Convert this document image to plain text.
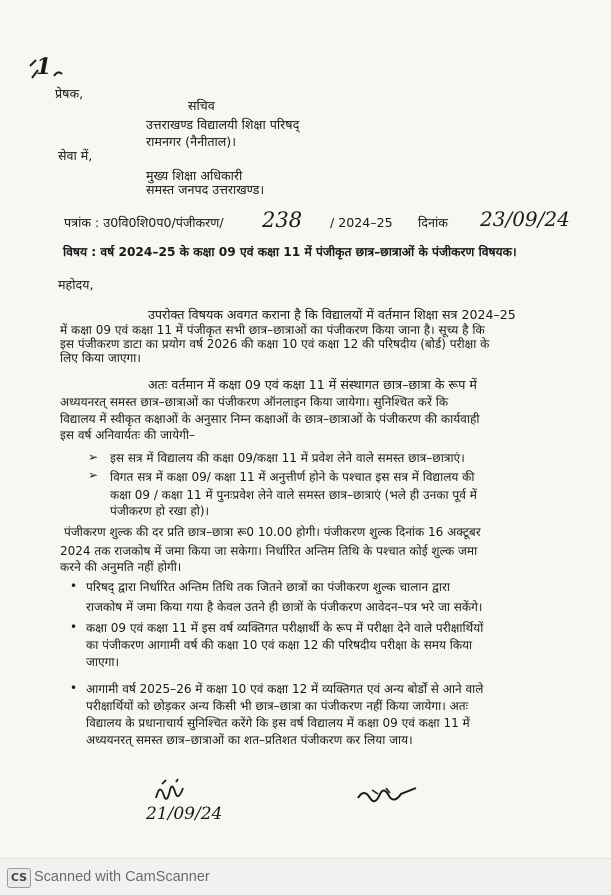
1
प्रेषक,
सचिव
उत्तराखण्ड विद्यालयी शिक्षा परिषद्
रामनगर (नैनीताल)।
सेवा में,
मुख्य शिक्षा अधिकारी
समस्त जनपद उत्तराखण्ड।
पत्रांक : उ0वि0शि0प0/पंजीकरण/ 238 / 2024–25 दिनांक 23/09/24
विषय : वर्ष 2024–25 के कक्षा 09 एवं कक्षा 11 में पंजीकृत छात्र–छात्राओं के पंजीकरण विषयक।
महोदय,
उपरोक्त विषयक अवगत कराना है कि विद्यालयों में वर्तमान शिक्षा सत्र 2024–25
में कक्षा 09 एवं कक्षा 11 में पंजीकृत सभी छात्र–छात्राओं का पंजीकरण किया जाना है। सूच्य है कि
इस पंजीकरण डाटा का प्रयोग वर्ष 2026 की कक्षा 10 एवं कक्षा 12 की परिषदीय (बोर्ड) परीक्षा के
लिए किया जाएगा।
अतः वर्तमान में कक्षा 09 एवं कक्षा 11 में संस्थागत छात्र–छात्रा के रूप में
अध्ययनरत् समस्त छात्र–छात्राओं का पंजीकरण ऑनलाइन किया जायेगा। सुनिश्चित करें कि
विद्यालय में स्वीकृत कक्षाओं के अनुसार निम्न कक्षाओं के छात्र–छात्राओं के पंजीकरण की कार्यवाही
इस वर्ष अनिवार्यतः की जायेगी–
➢ इस सत्र में विद्यालय की कक्षा 09/कक्षा 11 में प्रवेश लेने वाले समस्त छात्र–छात्राएं।
➢ विगत सत्र में कक्षा 09/ कक्षा 11 में अनुत्तीर्ण होने के पश्चात इस सत्र में विद्यालय की
कक्षा 09 / कक्षा 11 में पुनःप्रवेश लेने वाले समस्त छात्र–छात्राएं (भले ही उनका पूर्व में
पंजीकरण हो रखा हो)।
पंजीकरण शुल्क की दर प्रति छात्र–छात्रा रू0 10.00 होगी। पंजीकरण शुल्क दिनांक 16 अक्टूबर
2024 तक राजकोष में जमा किया जा सकेगा। निर्धारित अन्तिम तिथि के पश्चात कोई शुल्क जमा
करने की अनुमति नहीं होगी।
• परिषद् द्वारा निर्धारित अन्तिम तिथि तक जितने छात्रों का पंजीकरण शुल्क चालान द्वारा
राजकोष में जमा किया गया है केवल उतने ही छात्रों के पंजीकरण आवेदन–पत्र भरे जा सकेंगे।
• कक्षा 09 एवं कक्षा 11 में इस वर्ष व्यक्तिगत परीक्षार्थी के रूप में परीक्षा देने वाले परीक्षार्थियों
का पंजीकरण आगामी वर्ष की कक्षा 10 एवं कक्षा 12 की परिषदीय परीक्षा के समय किया
जाएगा।
• आगामी वर्ष 2025–26 में कक्षा 10 एवं कक्षा 12 में व्यक्तिगत एवं अन्य बोर्डों से आने वाले
परीक्षार्थियों को छोड़कर अन्य किसी भी छात्र–छात्रा का पंजीकरण नहीं किया जायेगा। अतः
विद्यालय के प्रधानाचार्य सुनिश्चित करेंगे कि इस वर्ष विद्यालय में कक्षा 09 एवं कक्षा 11 में
अध्ययनरत् समस्त छात्र–छात्राओं का शत–प्रतिशत पंजीकरण कर लिया जाय।
21/09/24
CS Scanned with CamScanner
